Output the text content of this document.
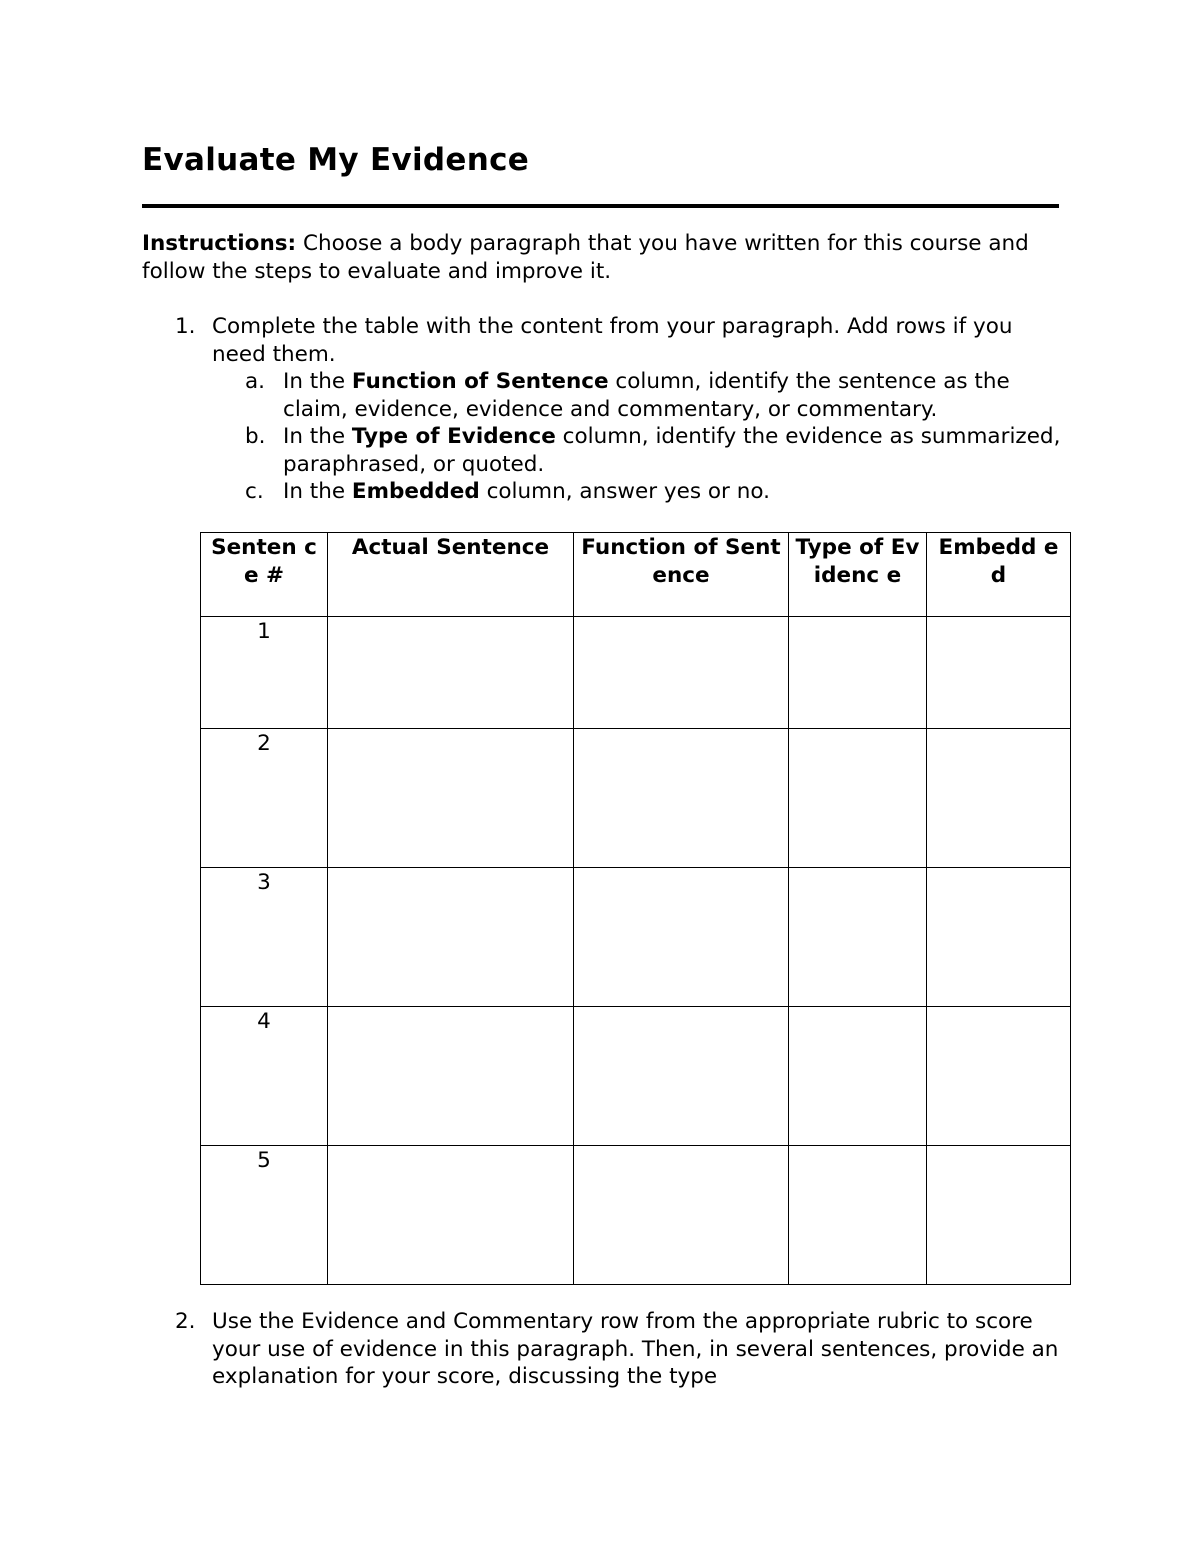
Evaluate My Evidence

Instructions: Choose a body paragraph that you have written for this course and follow the steps to evaluate and improve it.

1. Complete the table with the content from your paragraph. Add rows if you need them.
a. In the Function of Sentence column, identify the sentence as the claim, evidence, evidence and commentary, or commentary.
b. In the Type of Evidence column, identify the evidence as summarized, paraphrased, or quoted.
c. In the Embedded column, answer yes or no.
Senten ce #	Actual Sentence	Function of Sentence	Type of Evidenc e	Embedd ed
1				
2				
3				
4				
5				
2. Use the Evidence and Commentary row from the appropriate rubric to score your use of evidence in this paragraph. Then, in several sentences, provide an explanation for your score, discussing the type
